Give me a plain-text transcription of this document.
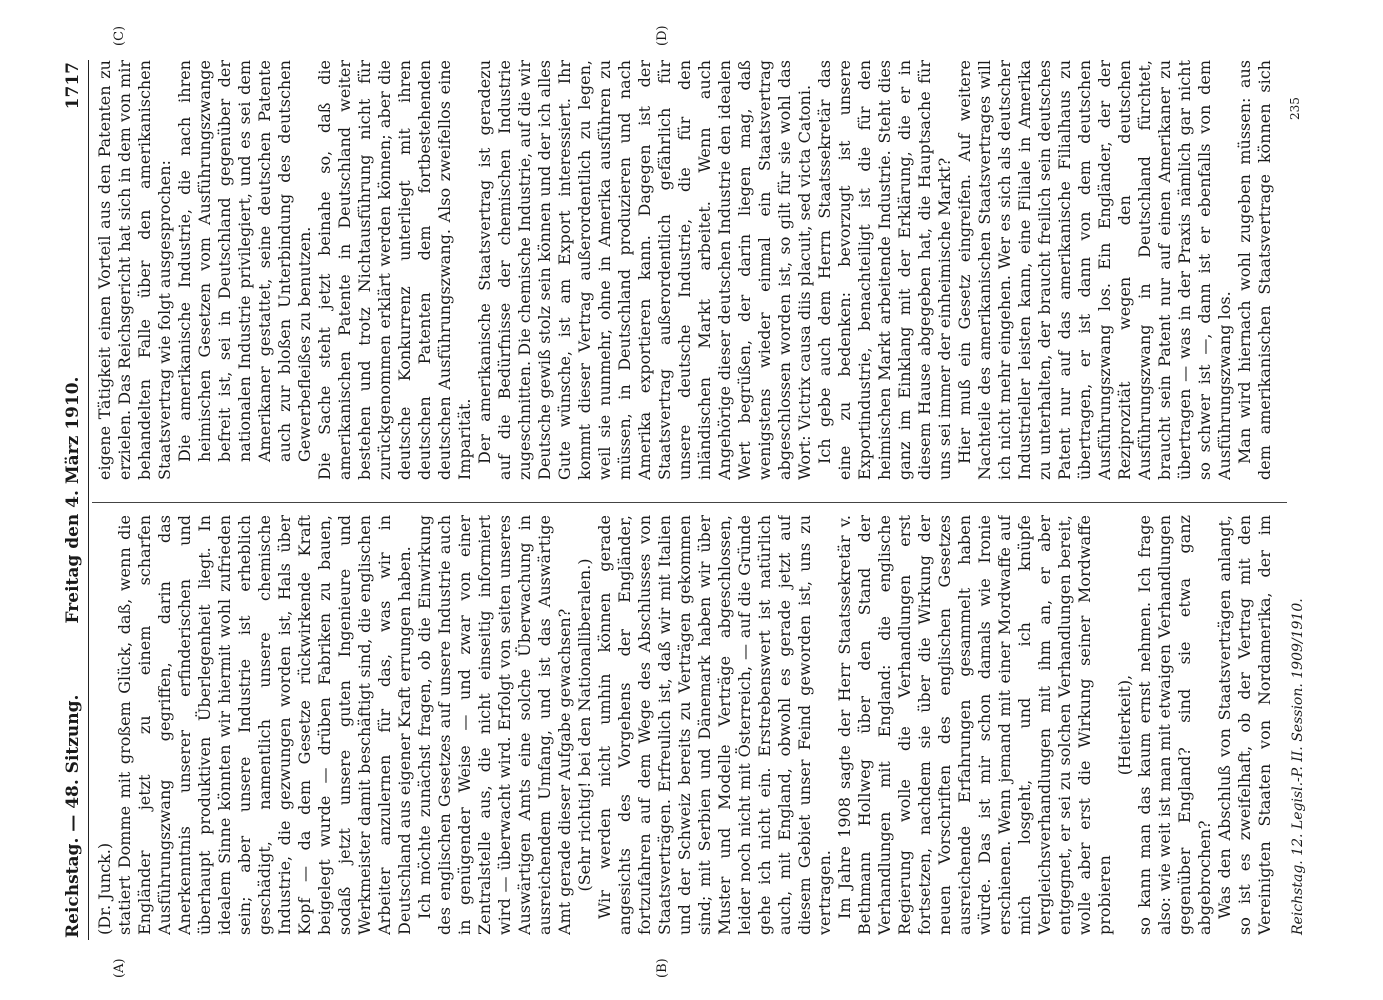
Reichstag. — 48. Sitzung.
Freitag den 4. März 1910.
1717
(A)	(B)
(C)	(D)

(Dr. Junck.) statiert Domme mit großem Glück, daß, wenn die Engländer jetzt zu einem scharfen Ausführungszwang gegriffen, darin das Anerkenntnis unserer erfinderischen und überhaupt produktiven Überlegenheit liegt. In idealem Sinne könnten wir hiermit wohl zufrieden sein; aber unsere Industrie ist erheblich geschädigt, namentlich unsere chemische Industrie, die gezwungen worden ist, Hals über Kopf — da dem Gesetze rückwirkende Kraft beigelegt wurde — drüben Fabriken zu bauen, sodaß jetzt unsere guten Ingenieure und Werkmeister damit beschäftigt sind, die englischen Arbeiter anzulernen für das, was wir in Deutschland aus eigener Kraft errungen haben. Ich möchte zunächst fragen, ob die Einwirkung des englischen Gesetzes auf unsere Industrie auch in genügender Weise — und zwar von einer Zentralstelle aus, die nicht einseitig informiert wird — überwacht wird. Erfolgt von seiten unseres Auswärtigen Amts eine solche Überwachung in ausreichendem Umfang, und ist das Auswärtige Amt gerade dieser Aufgabe gewachsen? (Sehr richtig! bei den Nationalliberalen.) Wir werden nicht umhin können gerade angesichts des Vorgehens der Engländer, fortzufahren auf dem Wege des Abschlusses von Staatsverträgen. Erfreulich ist, daß wir mit Italien und der Schweiz bereits zu Verträgen gekommen sind; mit Serbien und Dänemark haben wir über Muster und Modelle Verträge abgeschlossen, leider noch nicht mit Österreich, — auf die Gründe gehe ich nicht ein. Erstrebenswert ist natürlich auch, mit England, obwohl es gerade jetzt auf diesem Gebiet unser Feind geworden ist, uns zu vertragen. Im Jahre 1908 sagte der Herr Staatssekretär v. Bethmann Hollweg über den Stand der Verhandlungen mit England: die englische Regierung wolle die Verhandlungen erst fortsetzen, nachdem sie über die Wirkung der neuen Vorschriften des englischen Gesetzes ausreichende Erfahrungen gesammelt haben würde. Das ist mir schon damals wie Ironie erschienen. Wenn jemand mit einer Mordwaffe auf mich losgeht, und ich knüpfe Vergleichsverhandlungen mit ihm an, er aber entgegnet, er sei zu solchen Verhandlungen bereit, wolle aber erst die Wirkung seiner Mordwaffe probieren

(Heiterkeit), so kann man das kaum ernst nehmen. Ich frage also: wie weit ist man mit etwaigen Verhandlungen gegenüber England? sind sie etwa ganz abgebrochen? Was den Abschluß von Staatsverträgen anlangt, so ist es zweifelhaft, ob der Vertrag mit den Vereinigten Staaten von Nordamerika, der im

eigene Tätigkeit einen Vorteil aus den Patenten zu erzielen. Das Reichsgericht hat sich in dem von mir behandelten Falle über den amerikanischen Staatsvertrag wie folgt ausgesprochen: Die amerikanische Industrie, die nach ihren heimischen Gesetzen vom Ausführungszwange befreit ist, sei in Deutschland gegenüber der nationalen Industrie privilegiert, und es sei dem Amerikaner gestattet, seine deutschen Patente auch zur bloßen Unterbindung des deutschen Gewerbefleißes zu benutzen. Die Sache steht jetzt beinahe so, daß die amerikanischen Patente in Deutschland weiter bestehen und trotz Nichtausführung nicht für zurückgenommen erklärt werden können; aber die deutsche Konkurrenz unterliegt mit ihren deutschen Patenten dem fortbestehenden deutschen Ausführungszwang. Also zweifellos eine Imparität. Der amerikanische Staatsvertrag ist geradezu auf die Bedürfnisse der chemischen Industrie zugeschnitten. Die chemische Industrie, auf die wir Deutsche gewiß stolz sein können und der ich alles Gute wünsche, ist am Export interessiert. Ihr kommt dieser Vertrag außerordentlich zu legen, weil sie nunmehr, ohne in Amerika ausführen zu müssen, in Deutschland produzieren und nach Amerika exportieren kann. Dagegen ist der Staatsvertrag außerordentlich gefährlich für unsere deutsche Industrie, die für den inländischen Markt arbeitet. Wenn auch Angehörige dieser deutschen Industrie den idealen Wert begrüßen, der darin liegen mag, daß wenigstens wieder einmal ein Staatsvertrag abgeschlossen worden ist, so gilt für sie wohl das Wort: Victrix causa diis placuit, sed victa Catoni. Ich gebe auch dem Herrn Staatssekretär das eine zu bedenken: bevorzugt ist unsere Exportindustrie, benachteiligt ist die für den heimischen Markt arbeitende Industrie. Steht dies ganz im Einklang mit der Erklärung, die er in diesem Hause abgegeben hat, die Hauptsache für uns sei immer der einheimische Markt? Hier muß ein Gesetz eingreifen. Auf weitere Nachteile des amerikanischen Staatsvertrages will ich nicht mehr eingehen. Wer es sich als deutscher Industrieller leisten kann, eine Filiale in Amerika zu unterhalten, der braucht freilich sein deutsches Patent nur auf das amerikanische Filialhaus zu übertragen, er ist dann von dem deutschen Ausführungszwang los. Ein Engländer, der der Reziprozität wegen den deutschen Ausführungszwang in Deutschland fürchtet, braucht sein Patent nur auf einen Amerikaner zu übertragen — was in der Praxis nämlich gar nicht so schwer ist —, dann ist er ebenfalls von dem Ausführungszwang los. Man wird hiernach wohl zugeben müssen: aus dem amerikanischen Staatsvertrage können sich

Reichstag. 12. Legisl.-P. II. Session. 1909/1910.
235
